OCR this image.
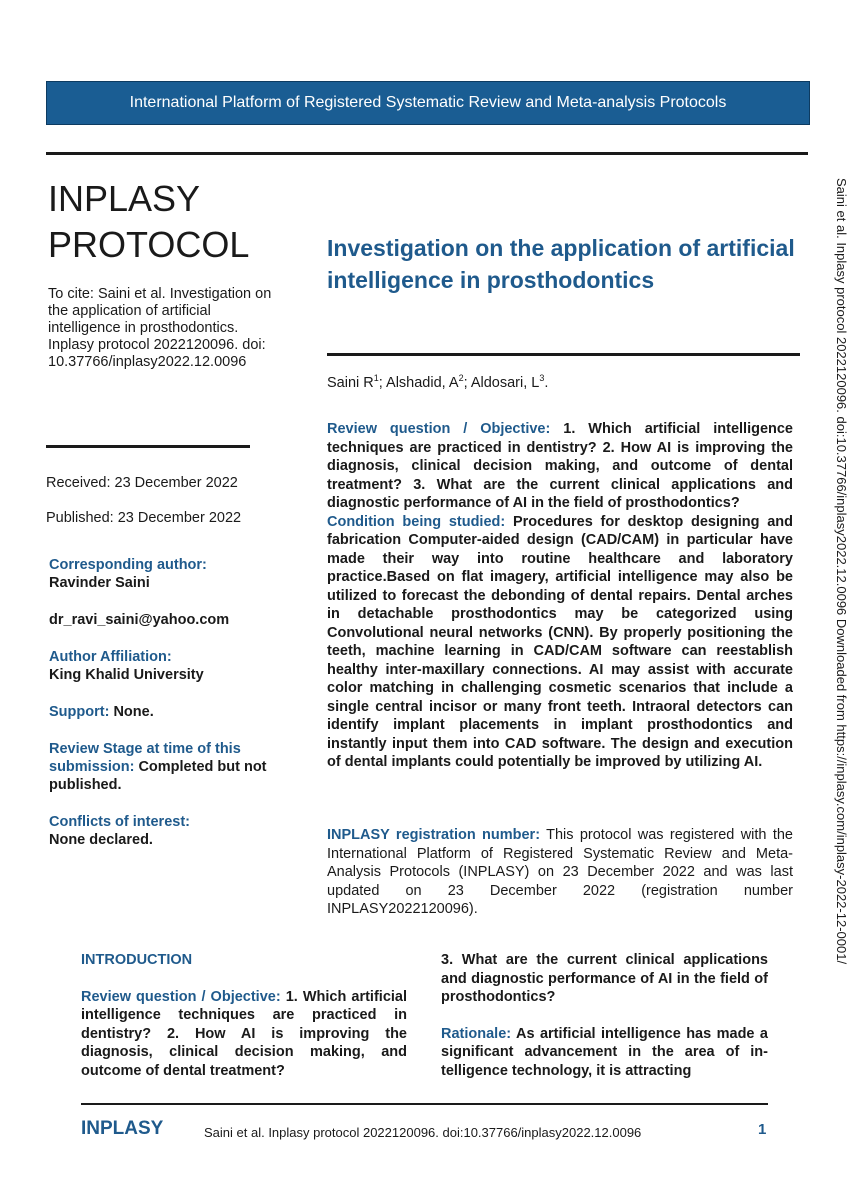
International Platform of Registered Systematic Review and Meta-analysis Protocols
INPLASY
PROTOCOL
To cite: Saini et al. Investigation on the application of artificial intelligence in prosthodontics. Inplasy protocol 2022120096. doi: 10.37766/inplasy2022.12.0096
Received: 23 December 2022
Published: 23 December 2022
Corresponding author:
Ravinder Saini
dr_ravi_saini@yahoo.com
Author Affiliation:
King Khalid University
Support: None.
Review Stage at time of this submission: Completed but not published.
Conflicts of interest:
None declared.
Investigation on the application of artificial intelligence in prosthodontics
Saini $R^1$; Alshadid, $A^2$; Aldosari, $L^3$.
Review question / Objective: 1. Which artificial intelligence techniques are practiced in dentistry? 2. How AI is improving the diagnosis, clinical decision making, and outcome of dental treatment? 3. What are the current clinical applications and diagnostic performance of AI in the field of prosthodontics?
Condition being studied: Procedures for desktop designing and fabrication Computer-aided design (CAD/CAM) in particular have made their way into routine healthcare and laboratory practice.Based on flat imagery, artificial intelligence may also be utilized to forecast the debonding of dental repairs. Dental arches in detachable prosthodontics may be categorized using Convolutional neural networks (CNN). By properly positioning the teeth, machine learning in CAD/CAM software can reestablish healthy inter-maxillary connections. AI may assist with accurate color matching in challenging cosmetic scenarios that include a single central incisor or many front teeth. Intraoral detectors can identify implant placements in implant prosthodontics and instantly input them into CAD software. The design and execution of dental implants could potentially be improved by utilizing AI.
INPLASY registration number: This protocol was registered with the International Platform of Registered Systematic Review and Meta-Analysis Protocols (INPLASY) on 23 December 2022 and was last updated on 23 December 2022 (registration number INPLASY2022120096).
INTRODUCTION
Review question / Objective: 1. Which artificial intelligence techniques are practiced in dentistry? 2. How AI is improving the diagnosis, clinical decision making, and outcome of dental treatment?
3. What are the current clinical applications and diagnostic performance of AI in the field of prosthodontics?
Rationale: As artificial intelligence has made a significant advancement in the area of in-telligence technology, it is attracting
Saini et al. Inplasy protocol 2022120096. doi:10.37766/inplasy2022.12.0096 Downloaded from https://inplasy.com/inplasy-2022-12-0001/
INPLASY	Saini et al. Inplasy protocol 2022120096. doi:10.37766/inplasy2022.12.0096	1
